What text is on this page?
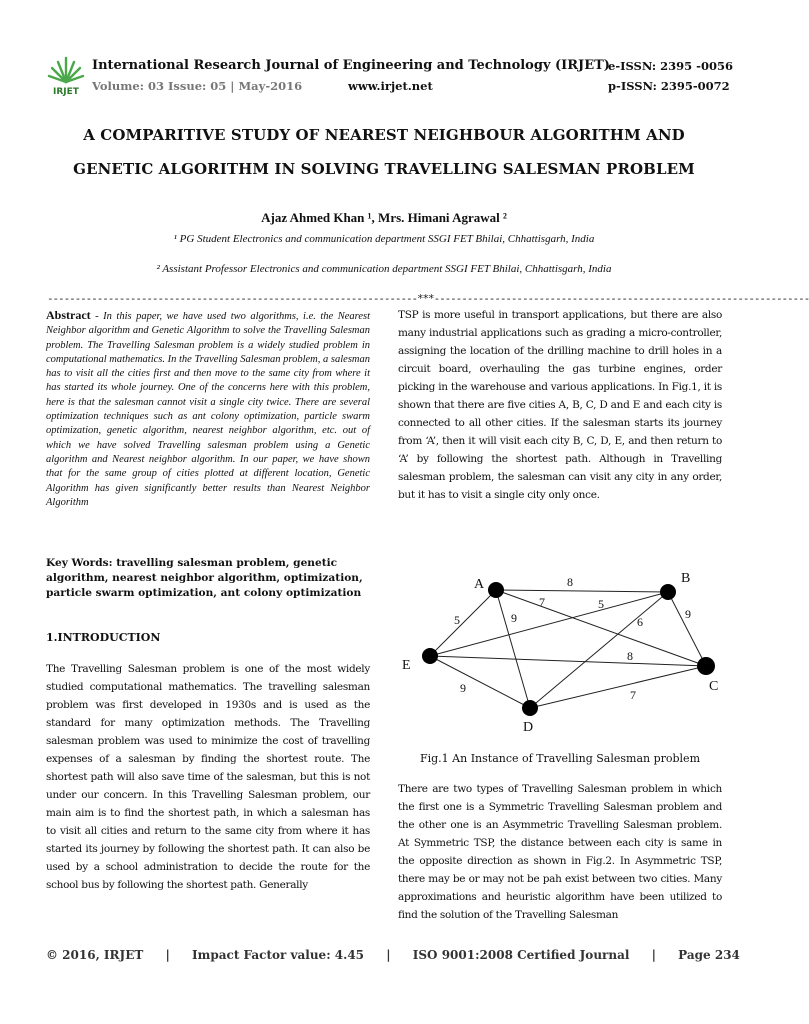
IRJET
International Research Journal of Engineering and Technology (IRJET)
Volume: 03 Issue: 05 | May-2016	www.irjet.net
e-ISSN: 2395 -0056
p-ISSN: 2395-0072
A COMPARITIVE STUDY OF NEAREST NEIGHBOUR ALGORITHM AND
GENETIC ALGORITHM IN SOLVING TRAVELLING SALESMAN PROBLEM
Ajaz Ahmed Khan ¹, Mrs. Himani Agrawal ²
¹ PG Student Electronics and communication department SSGI FET Bhilai, Chhattisgarh, India
² Assistant Professor Electronics and communication department SSGI FET Bhilai, Chhattisgarh, India
-------------------------------------------------------------------***--------------------------------------------------------------------
Abstract - In this paper, we have used two algorithms, i.e. the Nearest Neighbor algorithm and Genetic Algorithm to solve the Travelling Salesman problem. The Travelling Salesman problem is a widely studied problem in computational mathematics. In the Travelling Salesman problem, a salesman has to visit all the cities first and then move to the same city from where it has started its whole journey. One of the concerns here with this problem, here is that the salesman cannot visit a single city twice. There are several optimization techniques such as ant colony optimization, particle swarm optimization, genetic algorithm, nearest neighbor algorithm, etc. out of which we have solved Travelling salesman problem using a Genetic algorithm and Nearest neighbor algorithm. In our paper, we have shown that for the same group of cities plotted at different location, Genetic Algorithm has given significantly better results than Nearest Neighbor Algorithm
Key Words: travelling salesman problem, genetic algorithm, nearest neighbor algorithm, optimization, particle swarm optimization, ant colony optimization
1.INTRODUCTION
The Travelling Salesman problem is one of the most widely studied computational mathematics. The travelling salesman problem was first developed in 1930s and is used as the standard for many optimization methods. The Travelling salesman problem was used to minimize the cost of travelling expenses of a salesman by finding the shortest route. The shortest path will also save time of the salesman, but this is not under our concern. In this Travelling Salesman problem, our main aim is to find the shortest path, in which a salesman has to visit all cities and return to the same city from where it has started its journey by following the shortest path. It can also be used by a school administration to decide the route for the school bus by following the shortest path. Generally
TSP is more useful in transport applications, but there are also many industrial applications such as grading a micro-controller, assigning the location of the drilling machine to drill holes in a circuit board, overhauling the gas turbine engines, order picking in the warehouse and various applications. In Fig.1, it is shown that there are five cities A, B, C, D and E and each city is connected to all other cities. If the salesman starts its journey from ‘A’, then it will visit each city B, C, D, E, and then return to ‘A’ by following the shortest path. Although in Travelling salesman problem, the salesman can visit any city in any order, but it has to visit a single city only once.
A	B
C
D
E
8
7	5
5	9	6
9
8
9	7
Fig.1 An Instance of Travelling Salesman problem
There are two types of Travelling Salesman problem in which the first one is a Symmetric Travelling Salesman problem and the other one is an Asymmetric Travelling Salesman problem. At Symmetric TSP, the distance between each city is same in the opposite direction as shown in Fig.2. In Asymmetric TSP, there may be or may not be pah exist between two cities. Many approximations and heuristic algorithm have been utilized to find the solution of the Travelling Salesman
© 2016, IRJET | Impact Factor value: 4.45 | ISO 9001:2008 Certified Journal | Page 234
